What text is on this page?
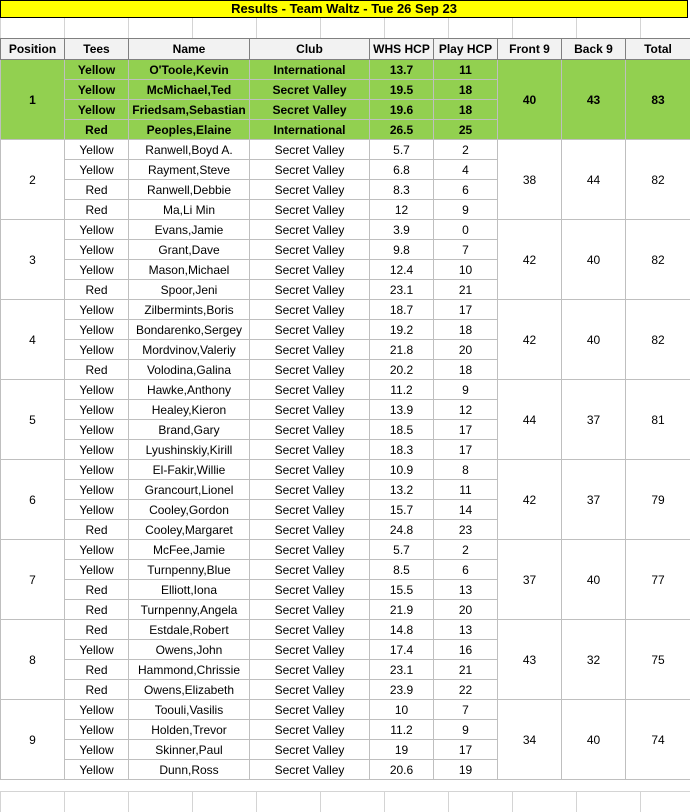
Results - Team Waltz - Tue 26 Sep 23
Position	Tees	Name	Club	WHS HCP	Play HCP	Front 9	Back 9	Total
1	Yellow	O'Toole,Kevin	International	13.7	11	40	43	83
	Yellow	McMichael,Ted	Secret Valley	19.5	18			
	Yellow	Friedsam,Sebastian	Secret Valley	19.6	18			
	Red	Peoples,Elaine	International	26.5	25			
2	Yellow	Ranwell,Boyd A.	Secret Valley	5.7	2	38	44	82
	Yellow	Rayment,Steve	Secret Valley	6.8	4			
	Red	Ranwell,Debbie	Secret Valley	8.3	6			
	Red	Ma,Li Min	Secret Valley	12	9			
3	Yellow	Evans,Jamie	Secret Valley	3.9	0	42	40	82
	Yellow	Grant,Dave	Secret Valley	9.8	7			
	Yellow	Mason,Michael	Secret Valley	12.4	10			
	Red	Spoor,Jeni	Secret Valley	23.1	21			
4	Yellow	Zilbermints,Boris	Secret Valley	18.7	17	42	40	82
	Yellow	Bondarenko,Sergey	Secret Valley	19.2	18			
	Yellow	Mordvinov,Valeriy	Secret Valley	21.8	20			
	Red	Volodina,Galina	Secret Valley	20.2	18			
5	Yellow	Hawke,Anthony	Secret Valley	11.2	9	44	37	81
	Yellow	Healey,Kieron	Secret Valley	13.9	12			
	Yellow	Brand,Gary	Secret Valley	18.5	17			
	Yellow	Lyushinskiy,Kirill	Secret Valley	18.3	17			
6	Yellow	El-Fakir,Willie	Secret Valley	10.9	8	42	37	79
	Yellow	Grancourt,Lionel	Secret Valley	13.2	11			
	Yellow	Cooley,Gordon	Secret Valley	15.7	14			
	Red	Cooley,Margaret	Secret Valley	24.8	23			
7	Yellow	McFee,Jamie	Secret Valley	5.7	2	37	40	77
	Yellow	Turnpenny,Blue	Secret Valley	8.5	6			
	Red	Elliott,Iona	Secret Valley	15.5	13			
	Red	Turnpenny,Angela	Secret Valley	21.9	20			
8	Red	Estdale,Robert	Secret Valley	14.8	13	43	32	75
	Yellow	Owens,John	Secret Valley	17.4	16			
	Red	Hammond,Chrissie	Secret Valley	23.1	21			
	Red	Owens,Elizabeth	Secret Valley	23.9	22			
9	Yellow	Toouli,Vasilis	Secret Valley	10	7	34	40	74
	Yellow	Holden,Trevor	Secret Valley	11.2	9			
	Yellow	Skinner,Paul	Secret Valley	19	17			
	Yellow	Dunn,Ross	Secret Valley	20.6	19			
